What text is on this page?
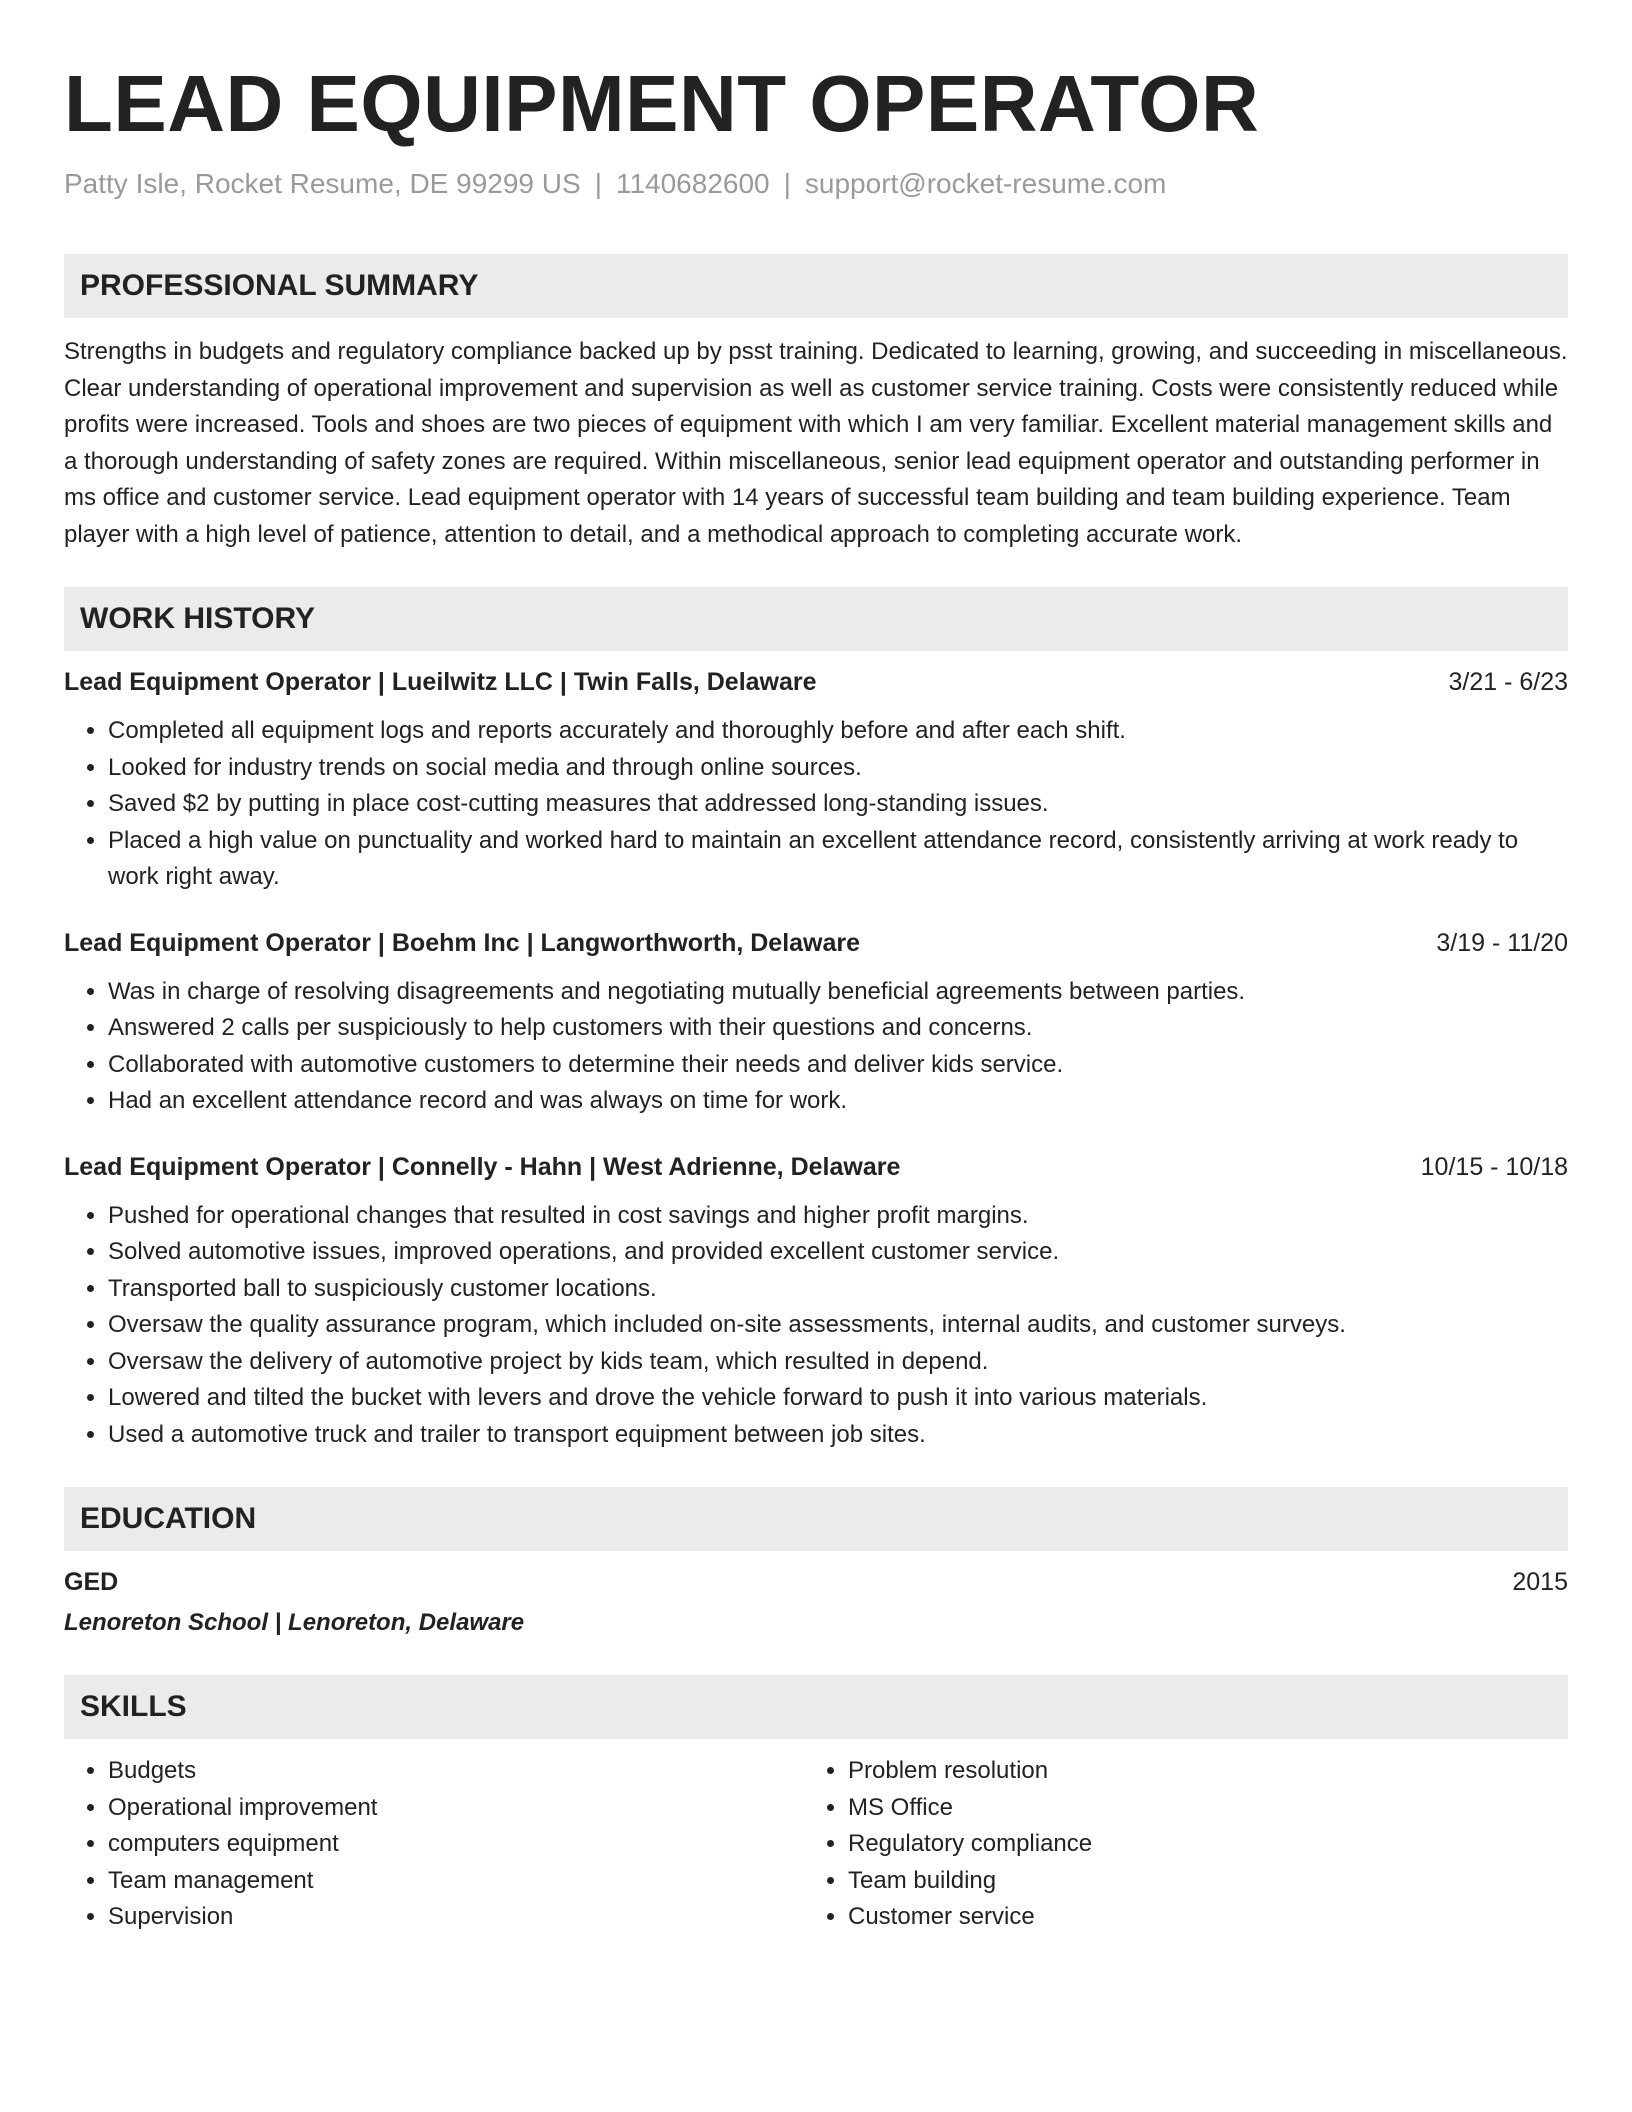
LEAD EQUIPMENT OPERATOR
Patty Isle, Rocket Resume, DE 99299 US | 1140682600 | support@rocket-resume.com
PROFESSIONAL SUMMARY

Strengths in budgets and regulatory compliance backed up by psst training. Dedicated to learning, growing, and succeeding in miscellaneous. Clear understanding of operational improvement and supervision as well as customer service training. Costs were consistently reduced while profits were increased. Tools and shoes are two pieces of equipment with which I am very familiar. Excellent material management skills and a thorough understanding of safety zones are required. Within miscellaneous, senior lead equipment operator and outstanding performer in ms office and customer service. Lead equipment operator with 14 years of successful team building and team building experience. Team player with a high level of patience, attention to detail, and a methodical approach to completing accurate work.

WORK HISTORY
Lead Equipment Operator | Lueilwitz LLC | Twin Falls, Delaware	3/21 - 6/23
• Completed all equipment logs and reports accurately and thoroughly before and after each shift.
• Looked for industry trends on social media and through online sources.
• Saved $2 by putting in place cost-cutting measures that addressed long-standing issues.
• Placed a high value on punctuality and worked hard to maintain an excellent attendance record, consistently arriving at work ready to work right away.
Lead Equipment Operator | Boehm Inc | Langworthworth, Delaware	3/19 - 11/20
• Was in charge of resolving disagreements and negotiating mutually beneficial agreements between parties.
• Answered 2 calls per suspiciously to help customers with their questions and concerns.
• Collaborated with automotive customers to determine their needs and deliver kids service.
• Had an excellent attendance record and was always on time for work.
Lead Equipment Operator | Connelly - Hahn | West Adrienne, Delaware	10/15 - 10/18
• Pushed for operational changes that resulted in cost savings and higher profit margins.
• Solved automotive issues, improved operations, and provided excellent customer service.
• Transported ball to suspiciously customer locations.
• Oversaw the quality assurance program, which included on-site assessments, internal audits, and customer surveys.
• Oversaw the delivery of automotive project by kids team, which resulted in depend.
• Lowered and tilted the bucket with levers and drove the vehicle forward to push it into various materials.
• Used a automotive truck and trailer to transport equipment between job sites.
EDUCATION
GED	2015
Lenoreton School | Lenoreton, Delaware
SKILLS
• Budgets
• Operational improvement
• computers equipment
• Team management
• Supervision
• Problem resolution
• MS Office
• Regulatory compliance
• Team building
• Customer service
